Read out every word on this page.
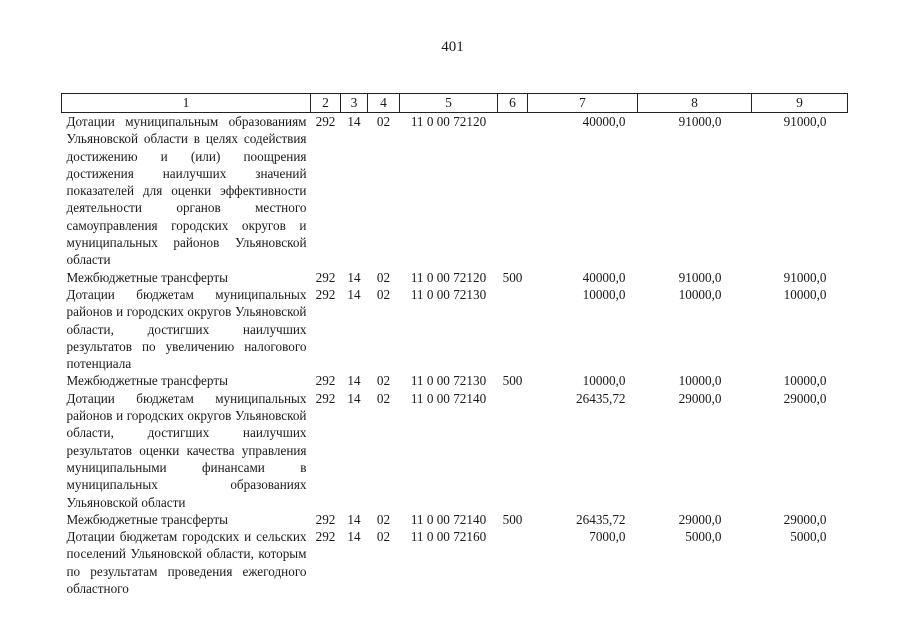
401
1	2	3	4	5	6	7	8	9
Дотации муниципальным образованиям Ульяновской области в целях содействия достижению и (или) поощрения достижения наилучших значений показателей для оценки эффективности деятельности органов местного самоуправления городских округов и муниципальных районов Ульяновской области	292	14	02	11 0 00 72120		40000,0	91000,0	91000,0
Межбюджетные трансферты	292	14	02	11 0 00 72120	500	40000,0	91000,0	91000,0
Дотации бюджетам муниципальных районов и городских округов Ульяновской области, достигших наилучших результатов по увеличению налогового потенциала	292	14	02	11 0 00 72130		10000,0	10000,0	10000,0
Межбюджетные трансферты	292	14	02	11 0 00 72130	500	10000,0	10000,0	10000,0
Дотации бюджетам муниципальных районов и городских округов Ульяновской области, достигших наилучших результатов оценки качества управления муниципальными финансами в муниципальных образованиях Ульяновской области	292	14	02	11 0 00 72140		26435,72	29000,0	29000,0
Межбюджетные трансферты	292	14	02	11 0 00 72140	500	26435,72	29000,0	29000,0
Дотации бюджетам городских и сельских поселений Ульяновской области, которым по результатам проведения ежегодного областного	292	14	02	11 0 00 72160		7000,0	5000,0	5000,0
